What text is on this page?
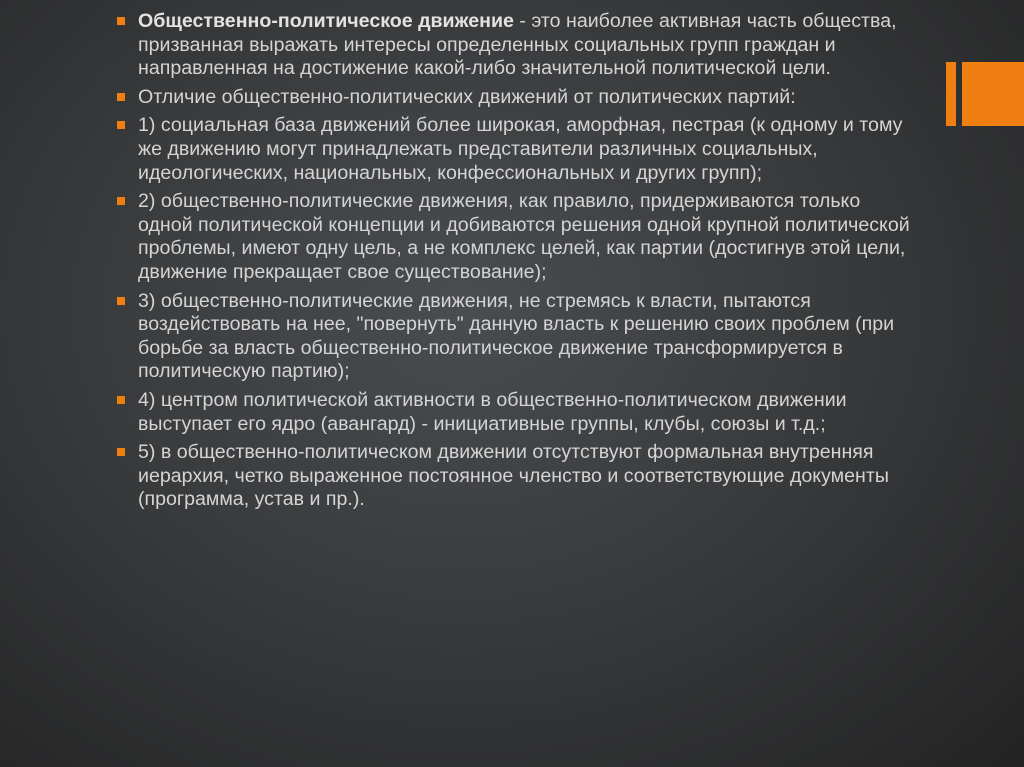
Общественно-политическое движение - это наиболее активная часть общества, призванная выражать интересы определенных социальных групп граждан и направленная на достижение какой-либо значительной политической цели.
Отличие общественно-политических движений от политических партий:
1) социальная база движений более широкая, аморфная, пестрая (к одному и тому же движению могут принадлежать представители различных социальных, идеологических, национальных, конфессиональных и других групп);
2) общественно-политические движения, как правило, придерживаются только одной политической концепции и добиваются решения одной крупной политической проблемы, имеют одну цель, а не комплекс целей, как партии (достигнув этой цели, движение прекращает свое существование);
3) общественно-политические движения, не стремясь к власти, пытаются воздействовать на нее, "повернуть" данную власть к решению своих проблем (при борьбе за власть общественно-политическое движение трансформируется в политическую партию);
4) центром политической активности в общественно-политическом движении выступает его ядро (авангард) - инициативные группы, клубы, союзы и т.д.;
5) в общественно-политическом движении отсутствуют формальная внутренняя иерархия, четко выраженное постоянное членство и соответствующие документы (программа, устав и пр.).
